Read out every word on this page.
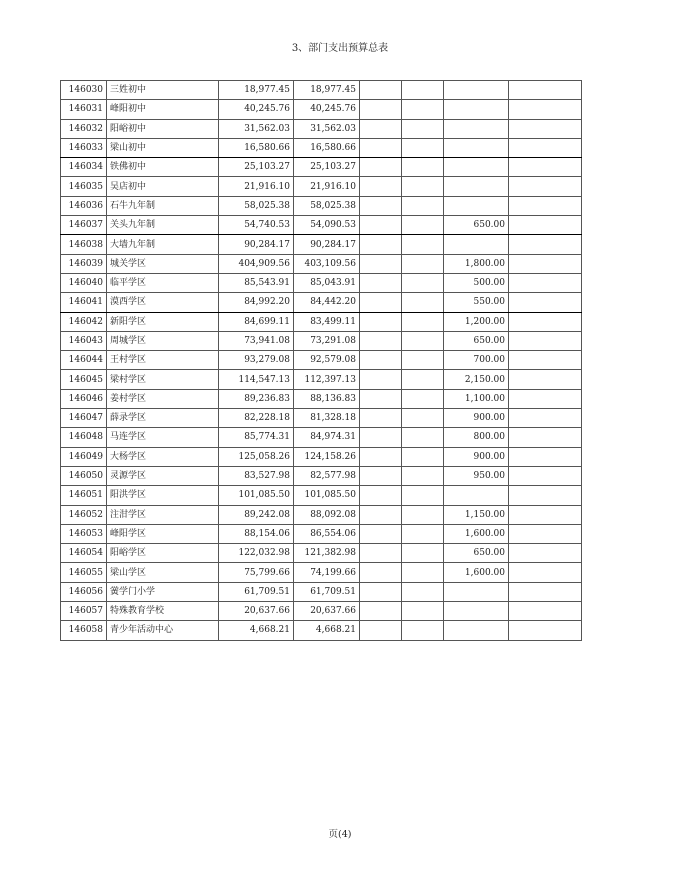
3、部门支出预算总表
146030	三姓初中	18,977.45	18,977.45				
146031	峰阳初中	40,245.76	40,245.76				
146032	阳峪初中	31,562.03	31,562.03				
146033	梁山初中	16,580.66	16,580.66				
146034	铁佛初中	25,103.27	25,103.27				
146035	吴店初中	21,916.10	21,916.10				
146036	石牛九年制	58,025.38	58,025.38				
146037	关头九年制	54,740.53	54,090.53			650.00	
146038	大墙九年制	90,284.17	90,284.17				
146039	城关学区	404,909.56	403,109.56			1,800.00	
146040	临平学区	85,543.91	85,043.91			500.00	
146041	漠西学区	84,992.20	84,442.20			550.00	
146042	新阳学区	84,699.11	83,499.11			1,200.00	
146043	周城学区	73,941.08	73,291.08			650.00	
146044	王村学区	93,279.08	92,579.08			700.00	
146045	梁村学区	114,547.13	112,397.13			2,150.00	
146046	姜村学区	89,236.83	88,136.83			1,100.00	
146047	薛录学区	82,228.18	81,328.18			900.00	
146048	马连学区	85,774.31	84,974.31			800.00	
146049	大杨学区	125,058.26	124,158.26			900.00	
146050	灵源学区	83,527.98	82,577.98			950.00	
146051	阳洪学区	101,085.50	101,085.50				
146052	注泔学区	89,242.08	88,092.08			1,150.00	
146053	峰阳学区	88,154.06	86,554.06			1,600.00	
146054	阳峪学区	122,032.98	121,382.98			650.00	
146055	梁山学区	75,799.66	74,199.66			1,600.00	
146056	黉学门小学	61,709.51	61,709.51				
146057	特殊教育学校	20,637.66	20,637.66				
146058	青少年活动中心	4,668.21	4,668.21				
页(4)
